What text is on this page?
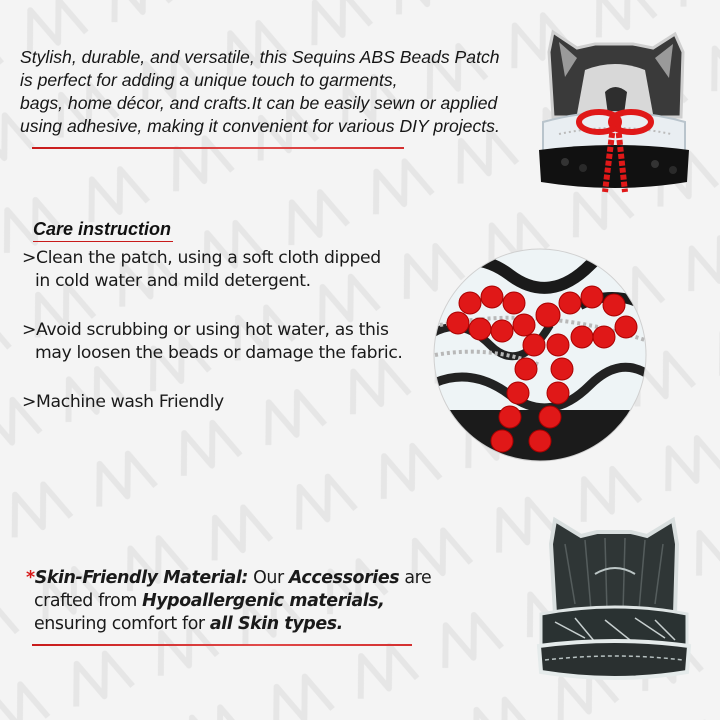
Stylish, durable, and versatile, this Sequins ABS Beads Patch
is perfect for adding a unique touch to garments,
bags, home décor, and crafts.It can be easily sewn or applied
using adhesive, making it convenient for various DIY projects.
Care instruction
>Clean the patch, using a soft cloth dipped
in cold water and mild detergent.
>Avoid scrubbing or using hot water, as this
may loosen the beads or damage the fabric.
>Machine wash Friendly
*Skin-Friendly Material: Our Accessories are
crafted from Hypoallergenic materials,
ensuring comfort for all Skin types.
